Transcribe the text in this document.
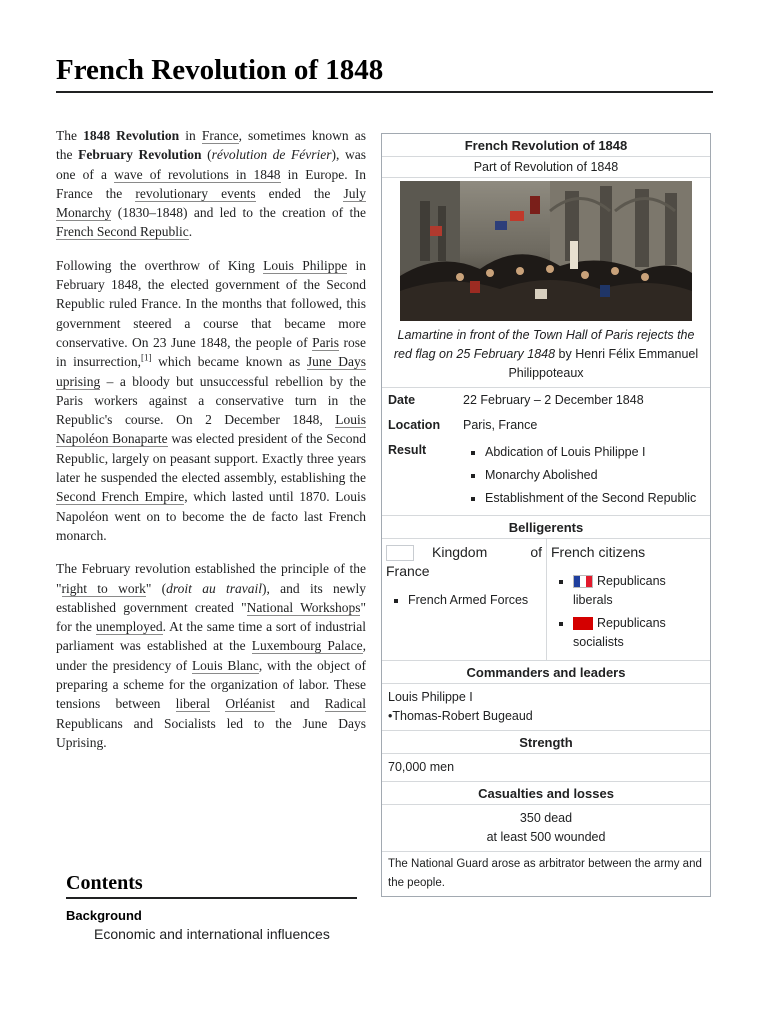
French Revolution of 1848

The 1848 Revolution in France, sometimes known as the February Revolution (révolution de Février), was one of a wave of revolutions in 1848 in Europe. In France the revolutionary events ended the July Monarchy (1830–1848) and led to the creation of the French Second Republic.

Following the overthrow of King Louis Philippe in February 1848, the elected government of the Second Republic ruled France. In the months that followed, this government steered a course that became more conservative. On 23 June 1848, the people of Paris rose in insurrection,[1] which became known as June Days uprising – a bloody but unsuccessful rebellion by the Paris workers against a conservative turn in the Republic's course. On 2 December 1848, Louis Napoléon Bonaparte was elected president of the Second Republic, largely on peasant support. Exactly three years later he suspended the elected assembly, establishing the Second French Empire, which lasted until 1870. Louis Napoléon went on to become the de facto last French monarch.

The February revolution established the principle of the "right to work" (droit au travail), and its newly established government created "National Workshops" for the unemployed. At the same time a sort of industrial parliament was established at the Luxembourg Palace, under the presidency of Louis Blanc, with the object of preparing a scheme for the organization of labor. These tensions between liberal Orléanist and Radical Republicans and Socialists led to the June Days Uprising.

Contents
Background
Economic and international influences
French Revolution of 1848
Part of Revolution of 1848
Lamartine in front of the Town Hall of Paris rejects the red flag on 25 February 1848 by Henri Félix Emmanuel Philippoteaux
Date	22 February – 2 December 1848
Location	Paris, France
Result
▪	Abdication of Louis Philippe I
▪ Monarchy Abolished
▪ Establishment of the Second Republic
Belligerents
Kingdom of France
▪ French Armed Forces
French citizens
▪ Republicans liberals
▪ Republicans socialists
Commanders and leaders
Louis Philippe I
•Thomas-Robert Bugeaud
Strength
70,000 men
Casualties and losses
350 dead
at least 500 wounded
The National Guard arose as arbitrator between the army and the people.
